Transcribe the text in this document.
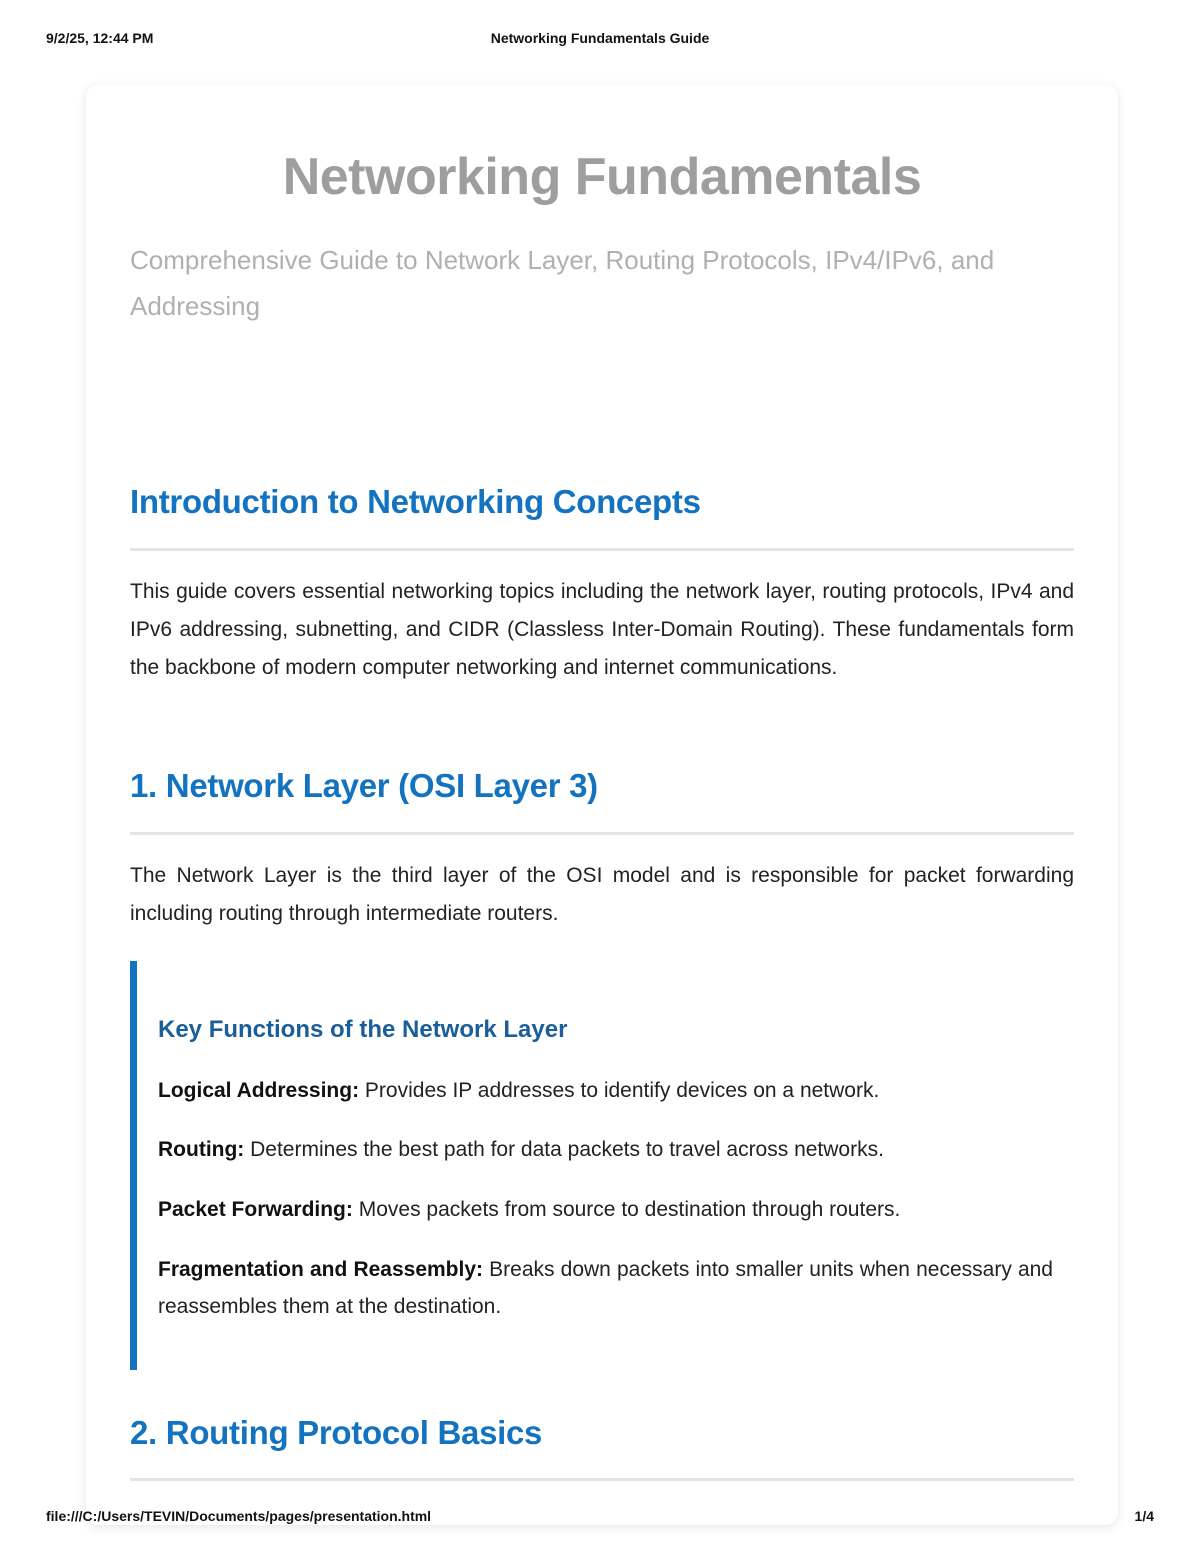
9/2/25, 12:44 PM	Networking Fundamentals Guide
Networking Fundamentals

Comprehensive Guide to Network Layer, Routing Protocols, IPv4/IPv6, and Addressing

Introduction to Networking Concepts

This guide covers essential networking topics including the network layer, routing protocols, IPv4 and IPv6 addressing, subnetting, and CIDR (Classless Inter-Domain Routing). These fundamentals form the backbone of modern computer networking and internet communications.

1. Network Layer (OSI Layer 3)

The Network Layer is the third layer of the OSI model and is responsible for packet forwarding including routing through intermediate routers.

Key Functions of the Network Layer

Logical Addressing: Provides IP addresses to identify devices on a network.

Routing: Determines the best path for data packets to travel across networks.

Packet Forwarding: Moves packets from source to destination through routers.

Fragmentation and Reassembly: Breaks down packets into smaller units when necessary and reassembles them at the destination.

2. Routing Protocol Basics
file:///C:/Users/TEVIN/Documents/pages/presentation.html	1/4
